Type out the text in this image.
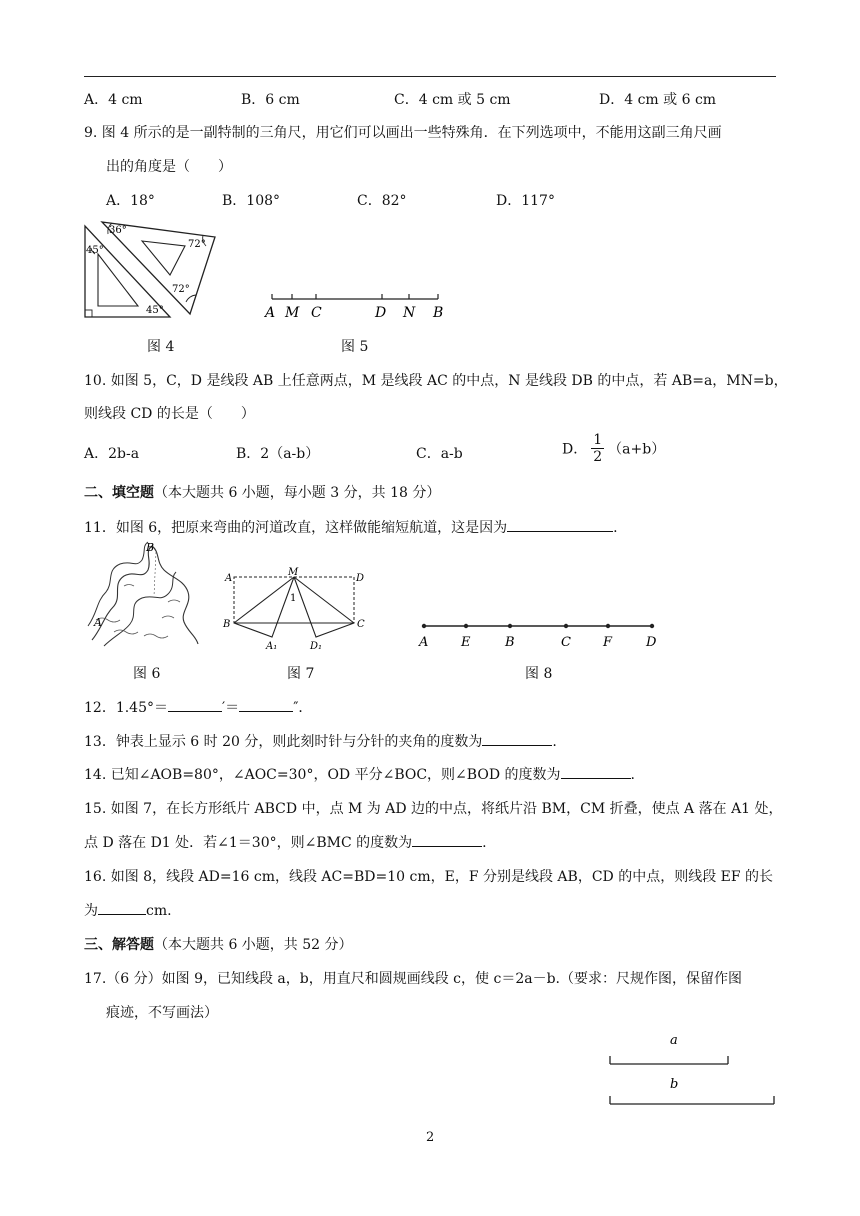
A．4 cm	B．6 cm	C．4 cm 或 5 cm	D．4 cm 或 6 cm
9. 图 4 所示的是一副特制的三角尺，用它们可以画出一些特殊角．在下列选项中，不能用这副三角尺画
出的角度是（　　）
A．18°	B．108°	C．82°	D．117°
36°
45°
72°
72°
45°
图 4
A M C	D N B
图 5
10. 如图 5，C，D 是线段 AB 上任意两点，M 是线段 AC 的中点，N 是线段 DB 的中点，若 AB=a，MN=b，
则线段 CD 的长是（　　）
A．2b-a	B．2（a-b）	C．a-b	D． $\frac{1}{2} (a+b)$
二、填空题（本大题共 6 小题，每小题 3 分，共 18 分）
11．如图 6，把原来弯曲的河道改直，这样做能缩短航道，这是因为	.
B
A
图 6
A
M
D
B	C
1
A₁	D₁
图 7
A	E	B	C F	D
图 8
12．1.45°＝	′＝	″．
13．钟表上显示 6 时 20 分，则此刻时针与分针的夹角的度数为	.
14. 已知∠AOB=80°，∠AOC=30°，OD 平分∠BOC，则∠BOD 的度数为	.
15. 如图 7，在长方形纸片 ABCD 中，点 M 为 AD 边的中点，将纸片沿 BM，CM 折叠，使点 A 落在 A1 处，
点 D 落在 D1 处．若∠1＝30°，则∠BMC 的度数为	.
16. 如图 8，线段 AD=16 cm，线段 AC=BD=10 cm，E，F 分别是线段 AB，CD 的中点，则线段 EF 的长
为	cm.
三、解答题（本大题共 6 小题，共 52 分）
17.（6 分）如图 9，已知线段 a，b，用直尺和圆规画线段 c，使 c＝2a－b.（要求：尺规作图，保留作图
痕迹，不写画法）
a
b
2
